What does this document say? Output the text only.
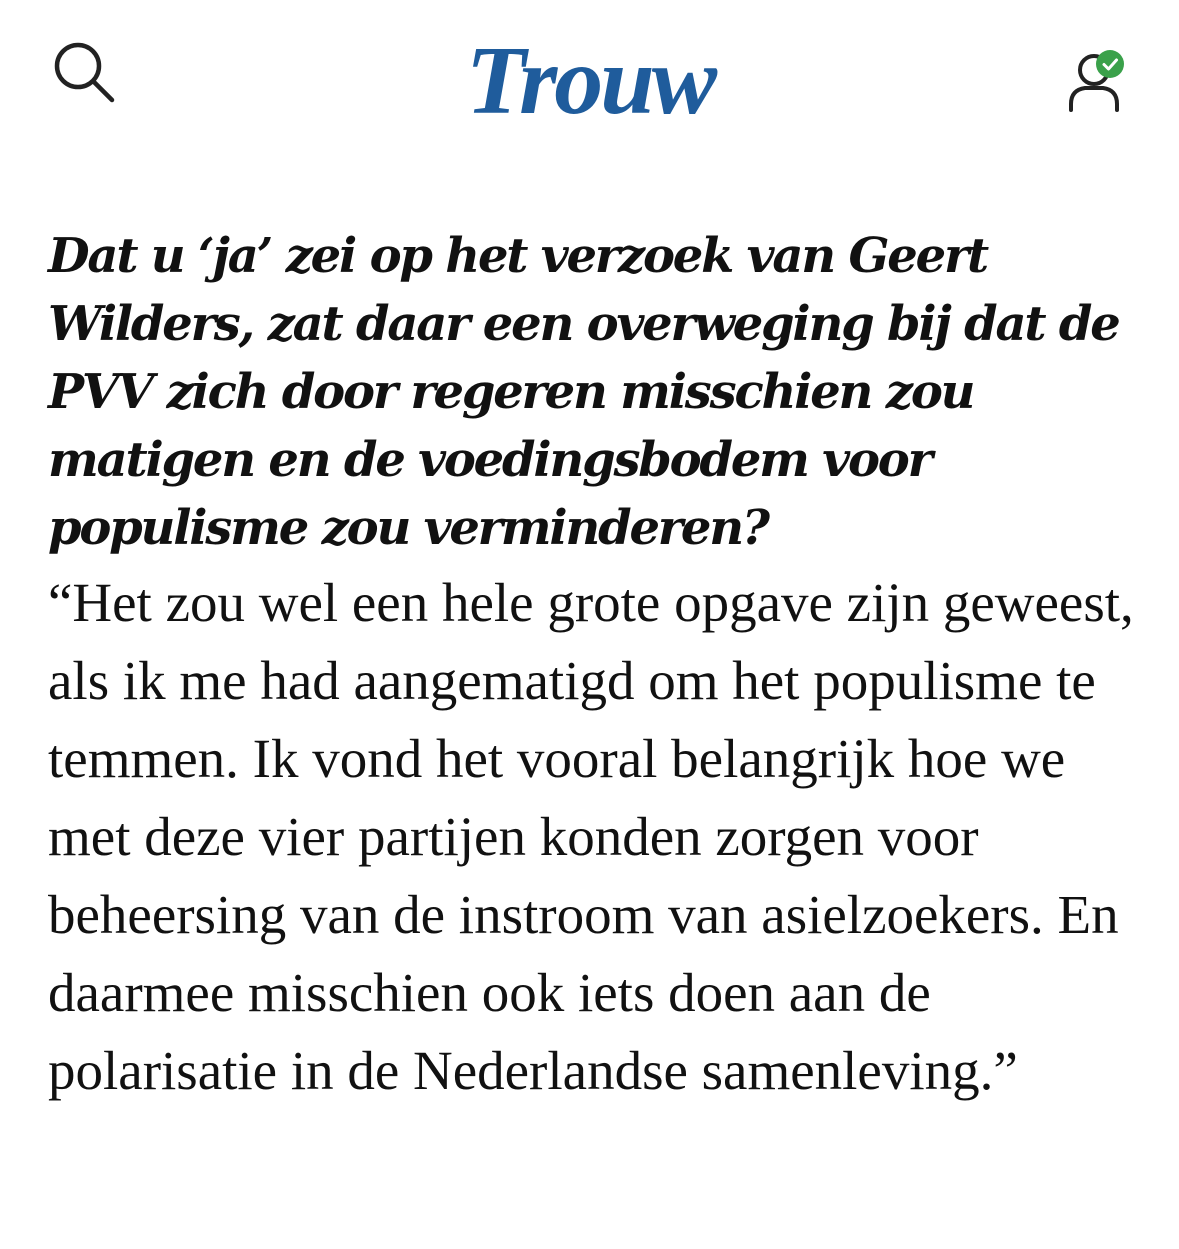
Trouw

Dat u ‘ja’ zei op het verzoek van Geert Wilders, zat daar een overweging bij dat de PVV zich door regeren misschien zou matigen en de voedingsbodem voor populisme zou verminderen?

“Het zou wel een hele grote opgave zijn geweest, als ik me had aangematigd om het populisme te temmen. Ik vond het vooral belangrijk hoe we met deze vier partijen konden zorgen voor beheersing van de instroom van asielzoekers. En daarmee misschien ook iets doen aan de polarisatie in de Nederlandse samenleving.”
